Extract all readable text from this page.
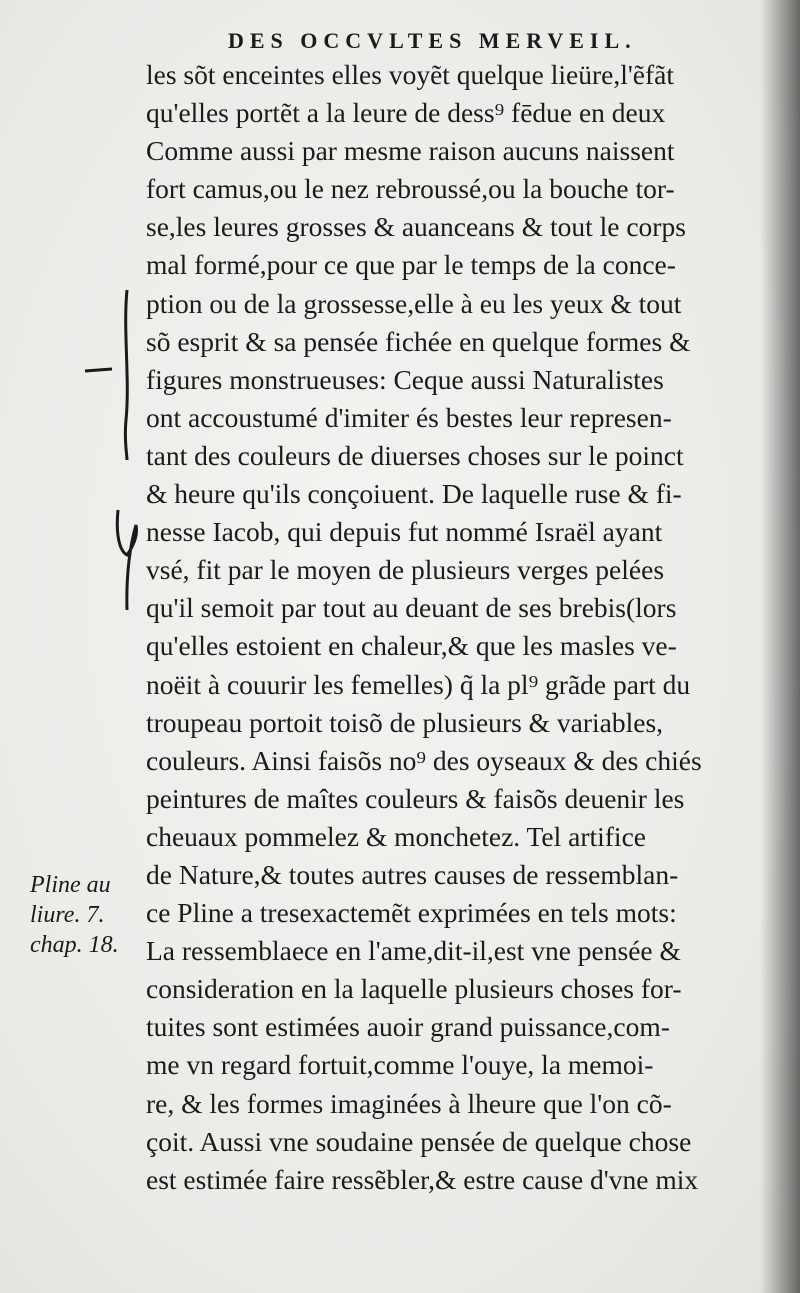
DES OCCVLTES MERVEIL.
les sõt enceintes elles voyẽt quelque lieüre,l'ẽfãt
qu'elles portẽt a la leure de dess⁹ fēdue en deux
Comme aussi par mesme raison aucuns naissent
fort camus,ou le nez rebroussé,ou la bouche tor-
se,les leures grosses & auanceans & tout le corps
mal formé,pour ce que par le temps de la conce-
ption ou de la grossesse,elle à eu les yeux & tout
sõ esprit & sa pensée fichée en quelque formes &
figures monstrueuses: Ceque aussi Naturalistes
ont accoustumé d'imiter és bestes leur represen-
tant des couleurs de diuerses choses sur le poinct
& heure qu'ils conçoiuent. De laquelle ruse & fi-
nesse Iacob, qui depuis fut nommé Israël ayant
vsé, fit par le moyen de plusieurs verges pelées
qu'il semoit par tout au deuant de ses brebis(lors
qu'elles estoient en chaleur,& que les masles ve-
noëit à couurir les femelles) q̃ la pl⁹ grãde part du
troupeau portoit toisõ de plusieurs & variables,
couleurs. Ainsi faisõs no⁹ des oyseaux & des chiés
peintures de maîtes couleurs & faisõs deuenir les
cheuaux pommelez & monchetez. Tel artifice
de Nature,& toutes autres causes de ressemblan-
ce Pline a tresexactemẽt exprimées en tels mots:
La ressemblaece en l'ame,dit-il,est vne pensée &
consideration en la laquelle plusieurs choses for-
tuites sont estimées auoir grand puissance,com-
me vn regard fortuit,comme l'ouye, la memoi-
re, & les formes imaginées à lheure que l'on cõ-
çoit. Aussi vne soudaine pensée de quelque chose
est estimée faire ressẽbler,& estre cause d'vne mix
Pline au
liure. 7.
chap. 18.
